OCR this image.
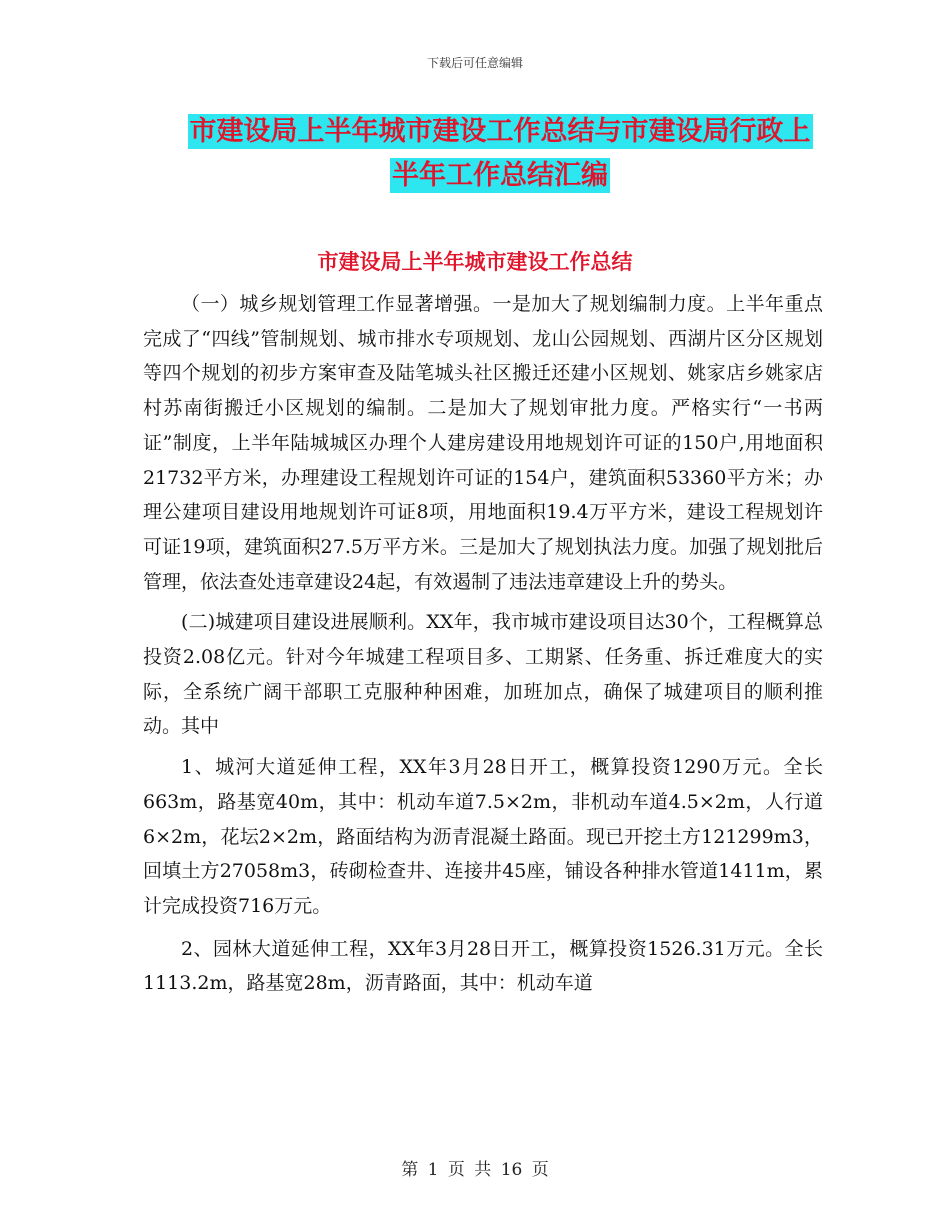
下载后可任意编辑
市建设局上半年城市建设工作总结与市建设局行政上
半年工作总结汇编
市建设局上半年城市建设工作总结

（一）城乡规划管理工作显著增强。一是加大了规划编制力度。上半年重点完成了“四线”管制规划、城市排水专项规划、龙山公园规划、西湖片区分区规划等四个规划的初步方案审查及陆笔城头社区搬迁还建小区规划、姚家店乡姚家店村苏南街搬迁小区规划的编制。二是加大了规划审批力度。严格实行“一书两证”制度，上半年陆城城区办理个人建房建设用地规划许可证的150户,用地面积21732平方米，办理建设工程规划许可证的154户，建筑面积53360平方米；办理公建项目建设用地规划许可证8项，用地面积19.4万平方米，建设工程规划许可证19项，建筑面积27.5万平方米。三是加大了规划执法力度。加强了规划批后管理，依法查处违章建设24起，有效遏制了违法违章建设上升的势头。

(二)城建项目建设进展顺利。XX年，我市城市建设项目达30个，工程概算总投资2.08亿元。针对今年城建工程项目多、工期紧、任务重、拆迁难度大的实际，全系统广阔干部职工克服种种困难，加班加点，确保了城建项目的顺利推动。其中

1、城河大道延伸工程，XX年3月28日开工，概算投资1290万元。全长663m，路基宽40m，其中：机动车道7.5×2m，非机动车道4.5×2m，人行道6×2m，花坛2×2m，路面结构为沥青混凝土路面。现已开挖土方121299m3，回填土方27058m3，砖砌检查井、连接井45座，铺设各种排水管道1411m，累计完成投资716万元。

2、园林大道延伸工程，XX年3月28日开工，概算投资1526.31万元。全长1113.2m，路基宽28m，沥青路面，其中：机动车道

第 1 页 共 16 页
